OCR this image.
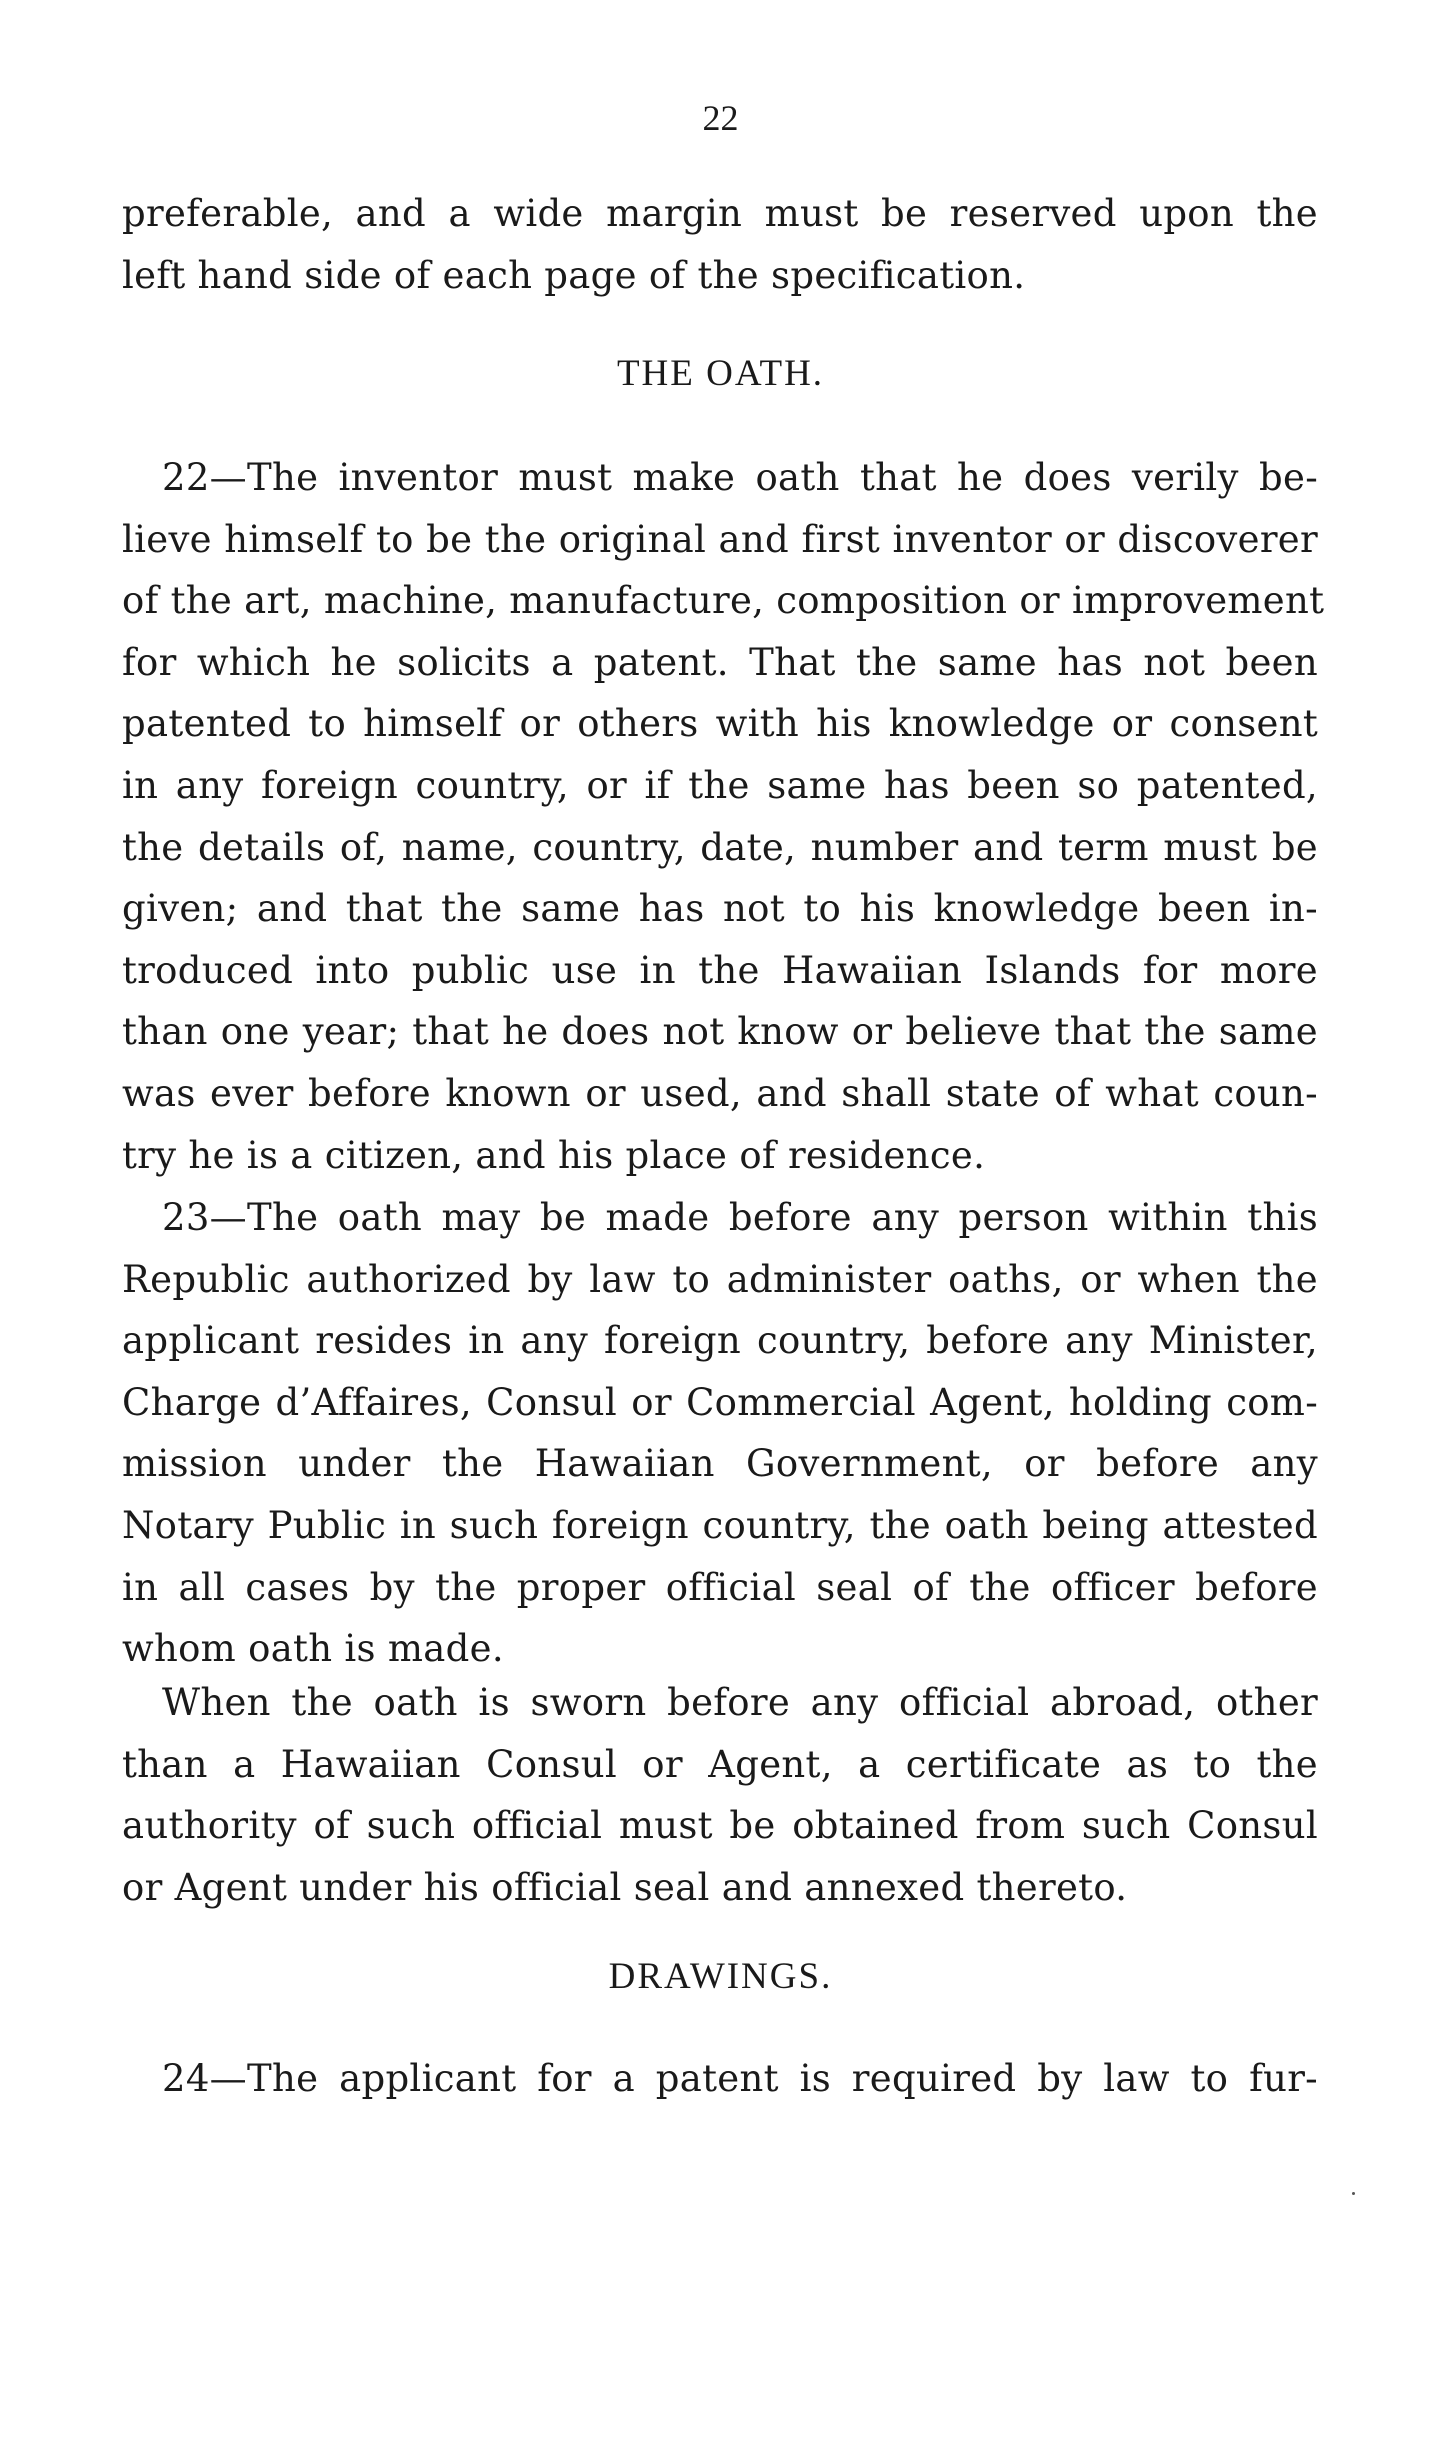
22

preferable, and a wide margin must be reserved upon the
left hand side of each page of the specification.

THE OATH.

22—The inventor must make oath that he does verily be-
lieve himself to be the original and first inventor or discoverer
of the art, machine, manufacture, composition or improvement
for which he solicits a patent. That the same has not been
patented to himself or others with his knowledge or consent
in any foreign country, or if the same has been so patented,
the details of, name, country, date, number and term must be
given; and that the same has not to his knowledge been in-
troduced into public use in the Hawaiian Islands for more
than one year; that he does not know or believe that the same
was ever before known or used, and shall state of what coun-
try he is a citizen, and his place of residence.

23—The oath may be made before any person within this
Republic authorized by law to administer oaths, or when the
applicant resides in any foreign country, before any Minister,
Charge d’Affaires, Consul or Commercial Agent, holding com-
mission under the Hawaiian Government, or before any
Notary Public in such foreign country, the oath being attested
in all cases by the proper official seal of the officer before
whom oath is made.

When the oath is sworn before any official abroad, other
than a Hawaiian Consul or Agent, a certificate as to the
authority of such official must be obtained from such Consul
or Agent under his official seal and annexed thereto.

DRAWINGS.

24—The applicant for a patent is required by law to fur-
